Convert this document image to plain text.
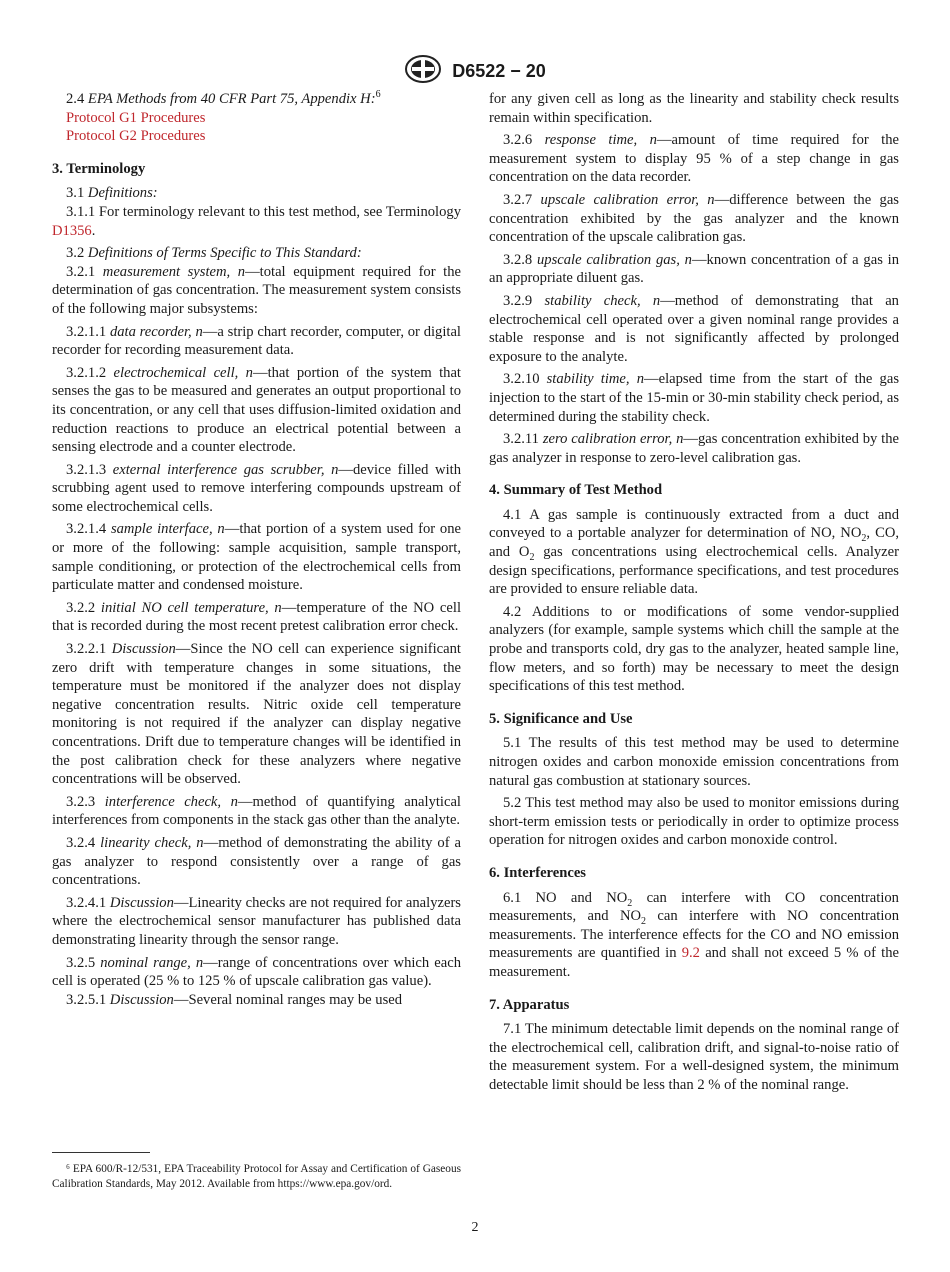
D6522 − 20

2.4 EPA Methods from 40 CFR Part 75, Appendix H:$^6$

Protocol G1 Procedures

Protocol G2 Procedures

3. Terminology

3.1 Definitions:

3.1.1 For terminology relevant to this test method, see Terminology D1356.

3.2 Definitions of Terms Specific to This Standard:

3.2.1 measurement system, n—total equipment required for the determination of gas concentration. The measurement system consists of the following major subsystems:

3.2.1.1 data recorder, n—a strip chart recorder, computer, or digital recorder for recording measurement data.

3.2.1.2 electrochemical cell, n—that portion of the system that senses the gas to be measured and generates an output proportional to its concentration, or any cell that uses diffusion-limited oxidation and reduction reactions to produce an electrical potential between a sensing electrode and a counter electrode.

3.2.1.3 external interference gas scrubber, n—device filled with scrubbing agent used to remove interfering compounds upstream of some electrochemical cells.

3.2.1.4 sample interface, n—that portion of a system used for one or more of the following: sample acquisition, sample transport, sample conditioning, or protection of the electrochemical cells from particulate matter and condensed moisture.

3.2.2 initial NO cell temperature, n—temperature of the NO cell that is recorded during the most recent pretest calibration error check.

3.2.2.1 Discussion—Since the NO cell can experience significant zero drift with temperature changes in some situations, the temperature must be monitored if the analyzer does not display negative concentration results. Nitric oxide cell temperature monitoring is not required if the analyzer can display negative concentrations. Drift due to temperature changes will be identified in the post calibration check for these analyzers where negative concentrations will be observed.

3.2.3 interference check, n—method of quantifying analytical interferences from components in the stack gas other than the analyte.

3.2.4 linearity check, n—method of demonstrating the ability of a gas analyzer to respond consistently over a range of gas concentrations.

3.2.4.1 Discussion—Linearity checks are not required for analyzers where the electrochemical sensor manufacturer has published data demonstrating linearity through the sensor range.

3.2.5 nominal range, n—range of concentrations over which each cell is operated (25 % to 125 % of upscale calibration gas value).

3.2.5.1 Discussion—Several nominal ranges may be used

for any given cell as long as the linearity and stability check results remain within specification.

3.2.6 response time, n—amount of time required for the measurement system to display 95 % of a step change in gas concentration on the data recorder.

3.2.7 upscale calibration error, n—difference between the gas concentration exhibited by the gas analyzer and the known concentration of the upscale calibration gas.

3.2.8 upscale calibration gas, n—known concentration of a gas in an appropriate diluent gas.

3.2.9 stability check, n—method of demonstrating that an electrochemical cell operated over a given nominal range provides a stable response and is not significantly affected by prolonged exposure to the analyte.

3.2.10 stability time, n—elapsed time from the start of the gas injection to the start of the 15-min or 30-min stability check period, as determined during the stability check.

3.2.11 zero calibration error, n—gas concentration exhibited by the gas analyzer in response to zero-level calibration gas.

4. Summary of Test Method

4.1 A gas sample is continuously extracted from a duct and conveyed to a portable analyzer for determination of NO, $NO_2$, CO, and $O_2$ gas concentrations using electrochemical cells. Analyzer design specifications, performance specifications, and test procedures are provided to ensure reliable data.

4.2 Additions to or modifications of some vendor-supplied analyzers (for example, sample systems which chill the sample at the probe and transports cold, dry gas to the analyzer, heated sample line, flow meters, and so forth) may be necessary to meet the design specifications of this test method.

5. Significance and Use

5.1 The results of this test method may be used to determine nitrogen oxides and carbon monoxide emission concentrations from natural gas combustion at stationary sources.

5.2 This test method may also be used to monitor emissions during short-term emission tests or periodically in order to optimize process operation for nitrogen oxides and carbon monoxide control.

6. Interferences

6.1 NO and $NO_2$ can interfere with CO concentration measurements, and $NO_2$ can interfere with NO concentration measurements. The interference effects for the CO and NO emission measurements are quantified in 9.2 and shall not exceed 5 % of the measurement.

7. Apparatus

7.1 The minimum detectable limit depends on the nominal range of the electrochemical cell, calibration drift, and signal-to-noise ratio of the measurement system. For a well-designed system, the minimum detectable limit should be less than 2 % of the nominal range.

⁶ EPA 600/R-12/531, EPA Traceability Protocol for Assay and Certification of Gaseous Calibration Standards, May 2012. Available from https://www.epa.gov/ord.
2
